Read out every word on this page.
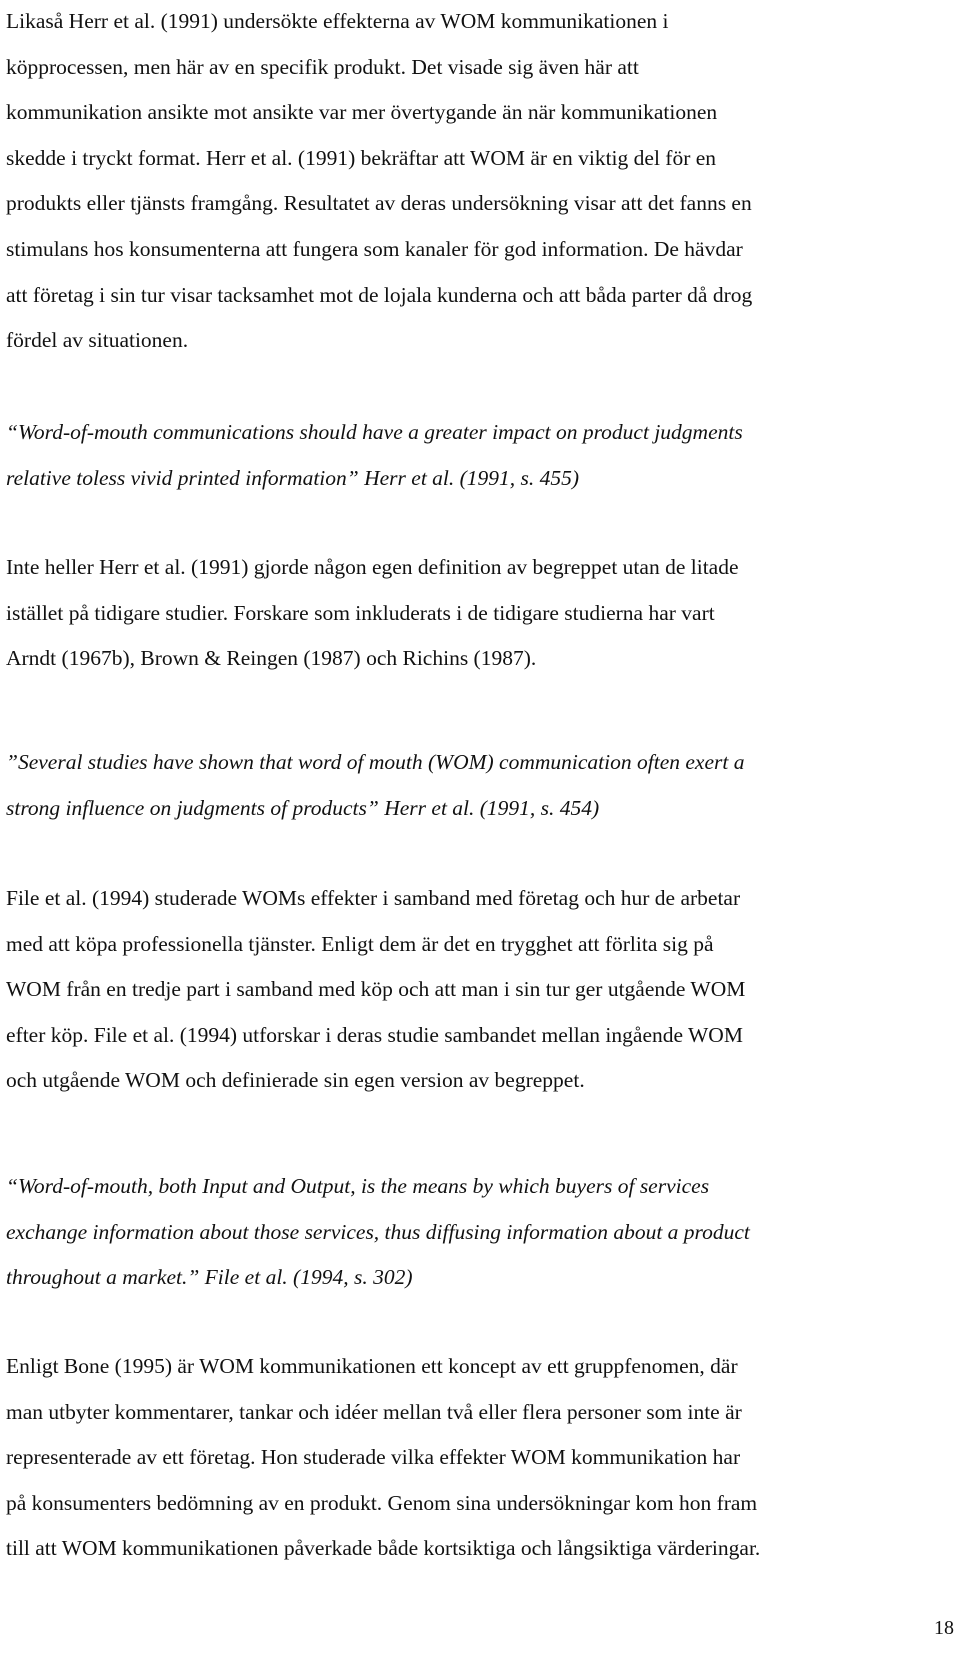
Likaså Herr et al. (1991) undersökte effekterna av WOM kommunikationen i
köpprocessen, men här av en specifik produkt. Det visade sig även här att
kommunikation ansikte mot ansikte var mer övertygande än när kommunikationen
skedde i tryckt format. Herr et al. (1991) bekräftar att WOM är en viktig del för en
produkts eller tjänsts framgång. Resultatet av deras undersökning visar att det fanns en
stimulans hos konsumenterna att fungera som kanaler för god information. De hävdar
att företag i sin tur visar tacksamhet mot de lojala kunderna och att båda parter då drog
fördel av situationen.
“Word-of-mouth communications should have a greater impact on product judgments
relative toless vivid printed information” Herr et al. (1991, s. 455)
Inte heller Herr et al. (1991) gjorde någon egen definition av begreppet utan de litade
istället på tidigare studier. Forskare som inkluderats i de tidigare studierna har vart
Arndt (1967b), Brown & Reingen (1987) och Richins (1987).
”Several studies have shown that word of mouth (WOM) communication often exert a
strong influence on judgments of products” Herr et al. (1991, s. 454)
File et al. (1994) studerade WOMs effekter i samband med företag och hur de arbetar
med att köpa professionella tjänster. Enligt dem är det en trygghet att förlita sig på
WOM från en tredje part i samband med köp och att man i sin tur ger utgående WOM
efter köp. File et al. (1994) utforskar i deras studie sambandet mellan ingående WOM
och utgående WOM och definierade sin egen version av begreppet.
“Word-of-mouth, both Input and Output, is the means by which buyers of services
exchange information about those services, thus diffusing information about a product
throughout a market.” File et al. (1994, s. 302)
Enligt Bone (1995) är WOM kommunikationen ett koncept av ett gruppfenomen, där
man utbyter kommentarer, tankar och idéer mellan två eller flera personer som inte är
representerade av ett företag. Hon studerade vilka effekter WOM kommunikation har
på konsumenters bedömning av en produkt. Genom sina undersökningar kom hon fram
till att WOM kommunikationen påverkade både kortsiktiga och långsiktiga värderingar.
18
